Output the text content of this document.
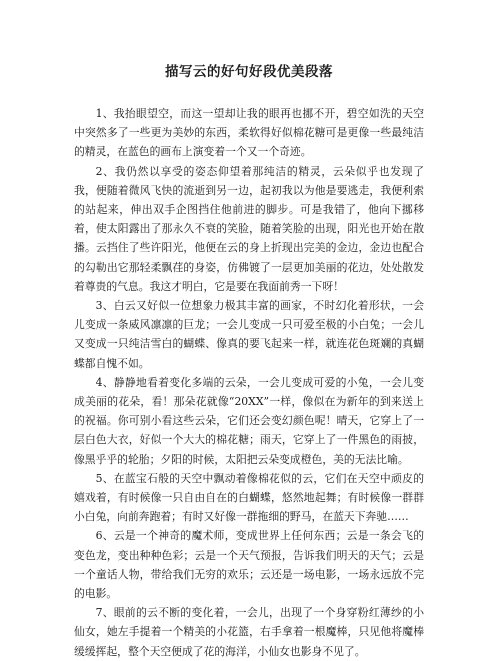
描写云的好句好段优美段落

1、我抬眼望空，而这一望却让我的眼再也挪不开，碧空如洗的天空中突然多了一些更为美妙的东西，柔软得好似棉花糖可是更像一些最纯洁的精灵，在蓝色的画布上演变着一个又一个奇迹。

2、我仍然以享受的姿态仰望着那纯洁的精灵，云朵似乎也发现了我，便随着微风飞快的流逝到另一边，起初我以为他是要逃走，我便利索的站起来，伸出双手企图挡住他前进的脚步。可是我错了，他向下挪移着，使太阳露出了那永久不衰的笑脸，随着笑脸的出现，阳光也开始在散播。云挡住了些许阳光，他便在云的身上折现出完美的金边，金边也配合的勾勒出它那轻柔飘荏的身姿，仿佛镀了一层更加美丽的花边，处处散发着尊贵的气息。我这才明白，它是要在我面前秀一下呀！

3、白云又好似一位想象力极其丰富的画家，不时幻化着形状，一会儿变成一条威风凛凛的巨龙；一会儿变成一只可爱至极的小白兔；一会儿又变成一只纯洁雪白的蝴蝶、像真的要飞起来一样，就连花色斑斓的真蝴蝶都自愧不如。

4、静静地看着变化多端的云朵，一会儿变成可爱的小兔，一会儿变成美丽的花朵，看！那朵花就像“20XX”一样，像似在为新年的到来送上的祝福。你可别小看这些云朵，它们还会变幻颜色呢！晴天，它穿上了一层白色大衣，好似一个大大的棉花糖；雨天，它穿上了一件黑色的雨披，像黑乎乎的轮胎；夕阳的时候，太阳把云朵变成橙色，美的无法比喻。

5、在蓝宝石般的天空中飘动着像棉花似的云，它们在天空中顽皮的嬉戏着，有时候像一只自由自在的白蝴蝶，悠然地起舞；有时候像一群群小白兔，向前奔跑着；有时又好像一群拖细的野马，在蓝天下奔驰……

6、云是一个神奇的魔术师，变成世界上任何东西；云是一条会飞的变色龙，变出种种色彩；云是一个天气预报，告诉我们明天的天气；云是一个童话人物，带给我们无穷的欢乐；云还是一场电影，一场永远放不完的电影。

7、眼前的云不断的变化着，一会儿，出现了一个身穿粉红薄纱的小仙女，她左手提着一个精美的小花篮，右手拿着一根魔棒，只见他将魔棒缓缓挥起，整个天空便成了花的海洋，小仙女也影身不见了。
